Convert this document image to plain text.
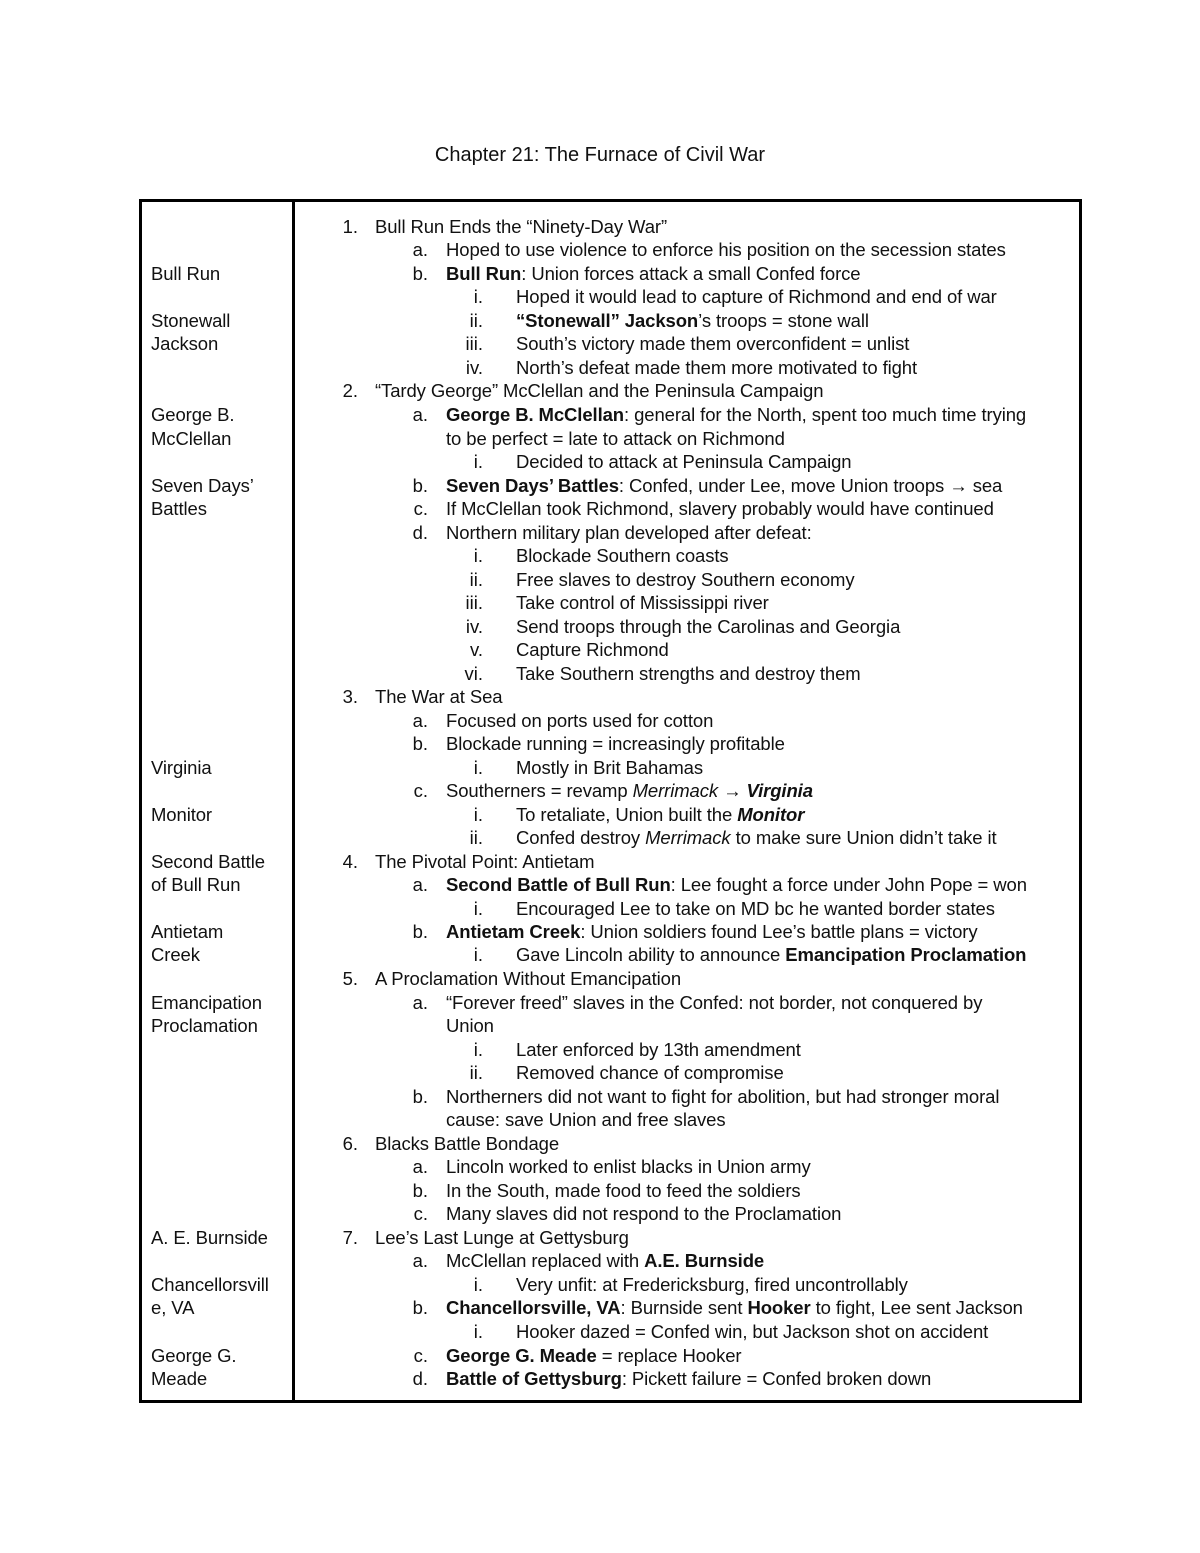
Chapter 21: The Furnace of Civil War
Bull Run
Stonewall
Jackson
George B.
McClellan
Seven Days’
Battles
Virginia
Monitor
Second Battle
of Bull Run
Antietam
Creek
Emancipation
Proclamation
A. E. Burnside
Chancellorsvill
e, VA
George G.
Meade
1. Bull Run Ends the “Ninety-Day War”
a. Hoped to use violence to enforce his position on the secession states
b. Bull Run: Union forces attack a small Confed force
i. Hoped it would lead to capture of Richmond and end of war
ii. “Stonewall” Jackson’s troops = stone wall
iii. South’s victory made them overconfident = unlist
iv. North’s defeat made them more motivated to fight
2. “Tardy George” McClellan and the Peninsula Campaign
a. George B. McClellan: general for the North, spent too much time trying
to be perfect = late to attack on Richmond
i. Decided to attack at Peninsula Campaign
b. Seven Days’ Battles: Confed, under Lee, move Union troops → sea
c. If McClellan took Richmond, slavery probably would have continued
d. Northern military plan developed after defeat:
i. Blockade Southern coasts
ii. Free slaves to destroy Southern economy
iii. Take control of Mississippi river
iv. Send troops through the Carolinas and Georgia
v. Capture Richmond
vi. Take Southern strengths and destroy them
3. The War at Sea
a. Focused on ports used for cotton
b. Blockade running = increasingly profitable
i. Mostly in Brit Bahamas
c. Southerners = revamp Merrimack → Virginia
i. To retaliate, Union built the Monitor
ii. Confed destroy Merrimack to make sure Union didn’t take it
4. The Pivotal Point: Antietam
a. Second Battle of Bull Run: Lee fought a force under John Pope = won
i. Encouraged Lee to take on MD bc he wanted border states
b. Antietam Creek: Union soldiers found Lee’s battle plans = victory
i. Gave Lincoln ability to announce Emancipation Proclamation
5. A Proclamation Without Emancipation
a. “Forever freed” slaves in the Confed: not border, not conquered by
Union
i. Later enforced by 13th amendment
ii. Removed chance of compromise
b. Northerners did not want to fight for abolition, but had stronger moral
cause: save Union and free slaves
6. Blacks Battle Bondage
a. Lincoln worked to enlist blacks in Union army
b. In the South, made food to feed the soldiers
c. Many slaves did not respond to the Proclamation
7. Lee’s Last Lunge at Gettysburg
a. McClellan replaced with A.E. Burnside
i. Very unfit: at Fredericksburg, fired uncontrollably
b. Chancellorsville, VA: Burnside sent Hooker to fight, Lee sent Jackson
i. Hooker dazed = Confed win, but Jackson shot on accident
c. George G. Meade = replace Hooker
d. Battle of Gettysburg: Pickett failure = Confed broken down
